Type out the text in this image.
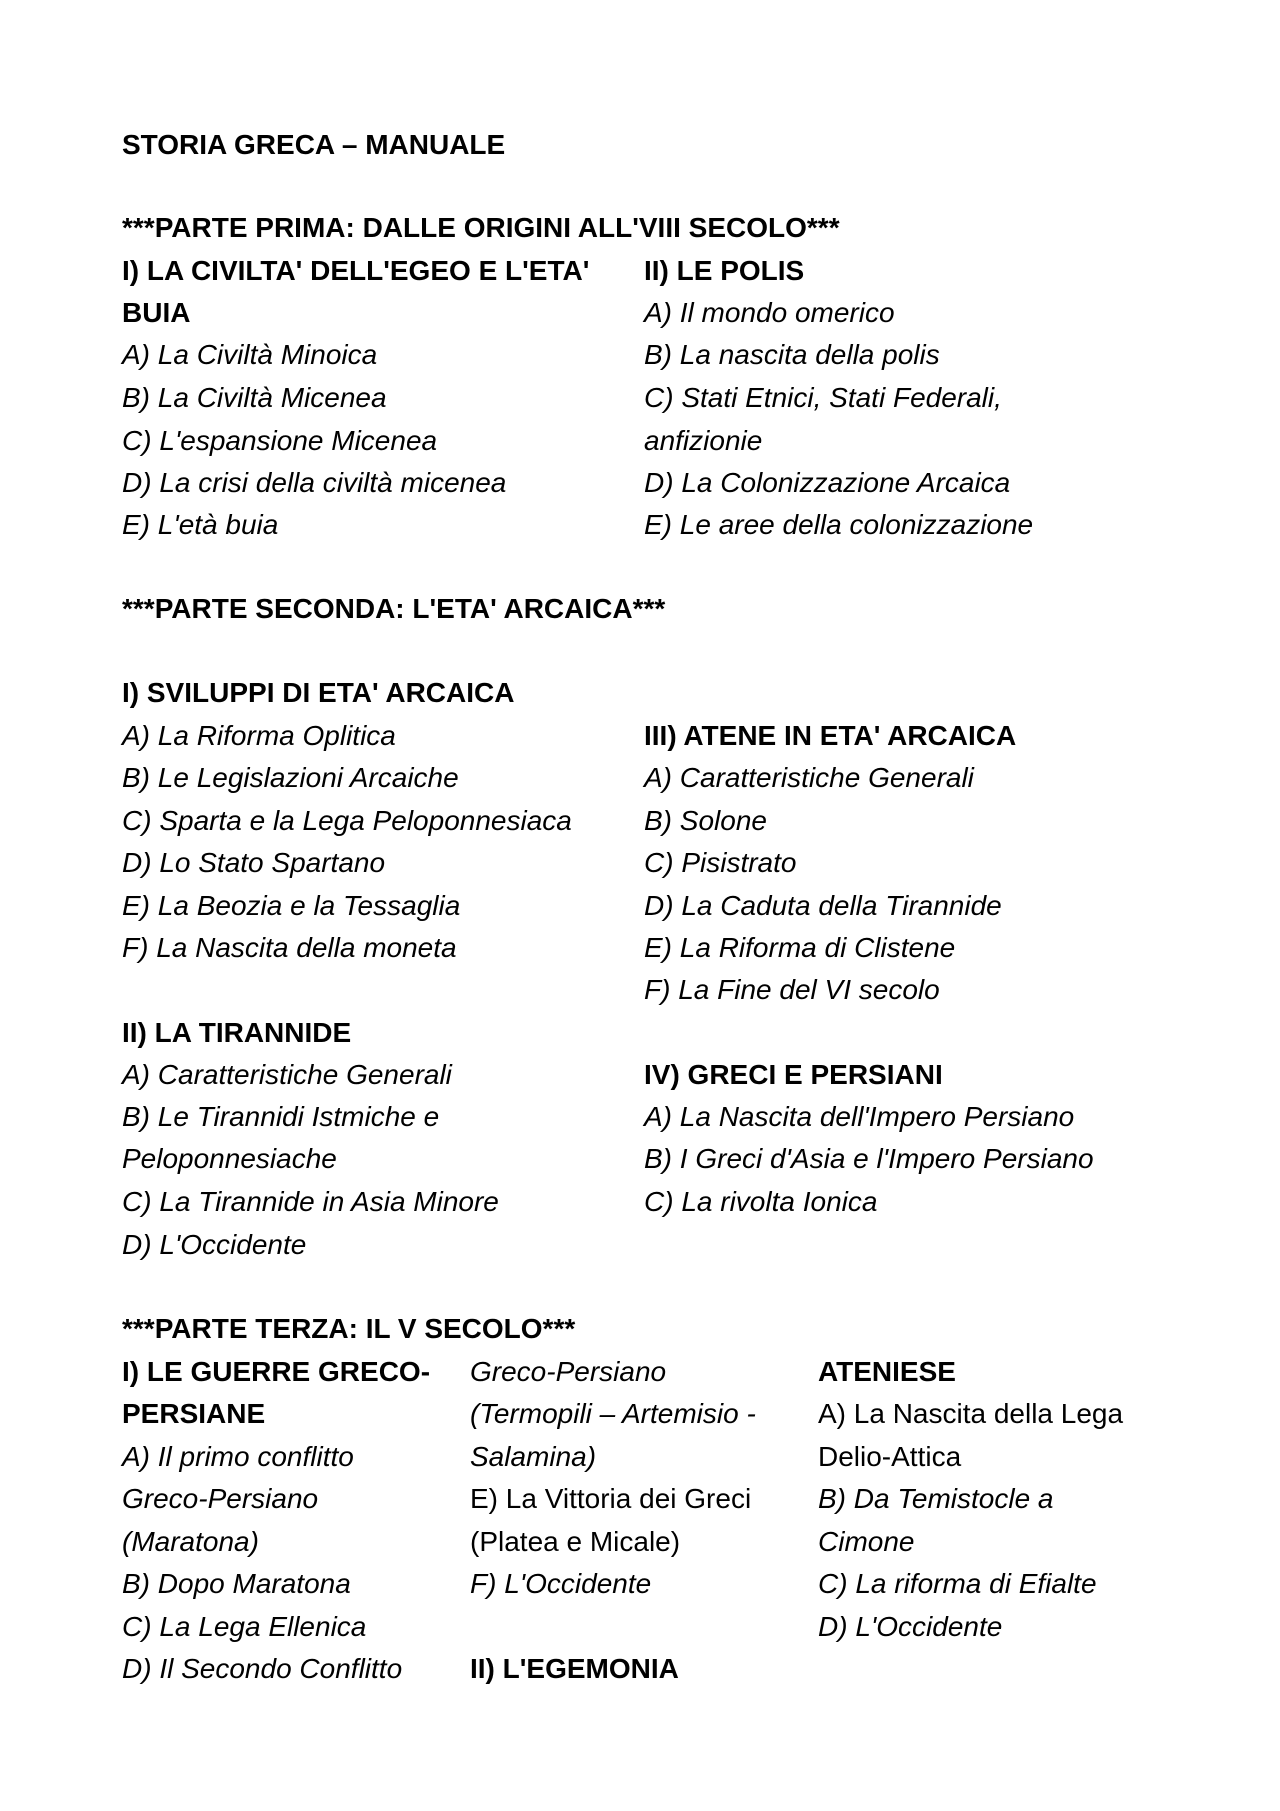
STORIA GRECA – MANUALE
***PARTE PRIMA: DALLE ORIGINI ALL'VIII SECOLO***
I) LA CIVILTA' DELL'EGEO E L'ETA'
BUIA
A) La Civiltà Minoica
B) La Civiltà Micenea
C) L'espansione Micenea
D) La crisi della civiltà micenea
E) L'età buia
II) LE POLIS
A) Il mondo omerico
B) La nascita della polis
C) Stati Etnici, Stati Federali,
anfizionie
D) La Colonizzazione Arcaica
E) Le aree della colonizzazione
***PARTE SECONDA: L'ETA' ARCAICA***
I) SVILUPPI DI ETA' ARCAICA
A) La Riforma Oplitica
B) Le Legislazioni Arcaiche
C) Sparta e la Lega Peloponnesiaca
D) Lo Stato Spartano
E) La Beozia e la Tessaglia
F) La Nascita della moneta
II) LA TIRANNIDE
A) Caratteristiche Generali
B) Le Tirannidi Istmiche e
Peloponnesiache
C) La Tirannide in Asia Minore
D) L'Occidente
III) ATENE IN ETA' ARCAICA
A) Caratteristiche Generali
B) Solone
C) Pisistrato
D) La Caduta della Tirannide
E) La Riforma di Clistene
F) La Fine del VI secolo
IV) GRECI E PERSIANI
A) La Nascita dell'Impero Persiano
B) I Greci d'Asia e l'Impero Persiano
C) La rivolta Ionica
***PARTE TERZA: IL V SECOLO***
I) LE GUERRE GRECO-
PERSIANE
A) Il primo conflitto
Greco-Persiano
(Maratona)
B) Dopo Maratona
C) La Lega Ellenica
D) Il Secondo Conflitto
Greco-Persiano
(Termopili – Artemisio -
Salamina)
E) La Vittoria dei Greci
(Platea e Micale)
F) L'Occidente
II) L'EGEMONIA
ATENIESE
A) La Nascita della Lega
Delio-Attica
B) Da Temistocle a
Cimone
C) La riforma di Efialte
D) L'Occidente
